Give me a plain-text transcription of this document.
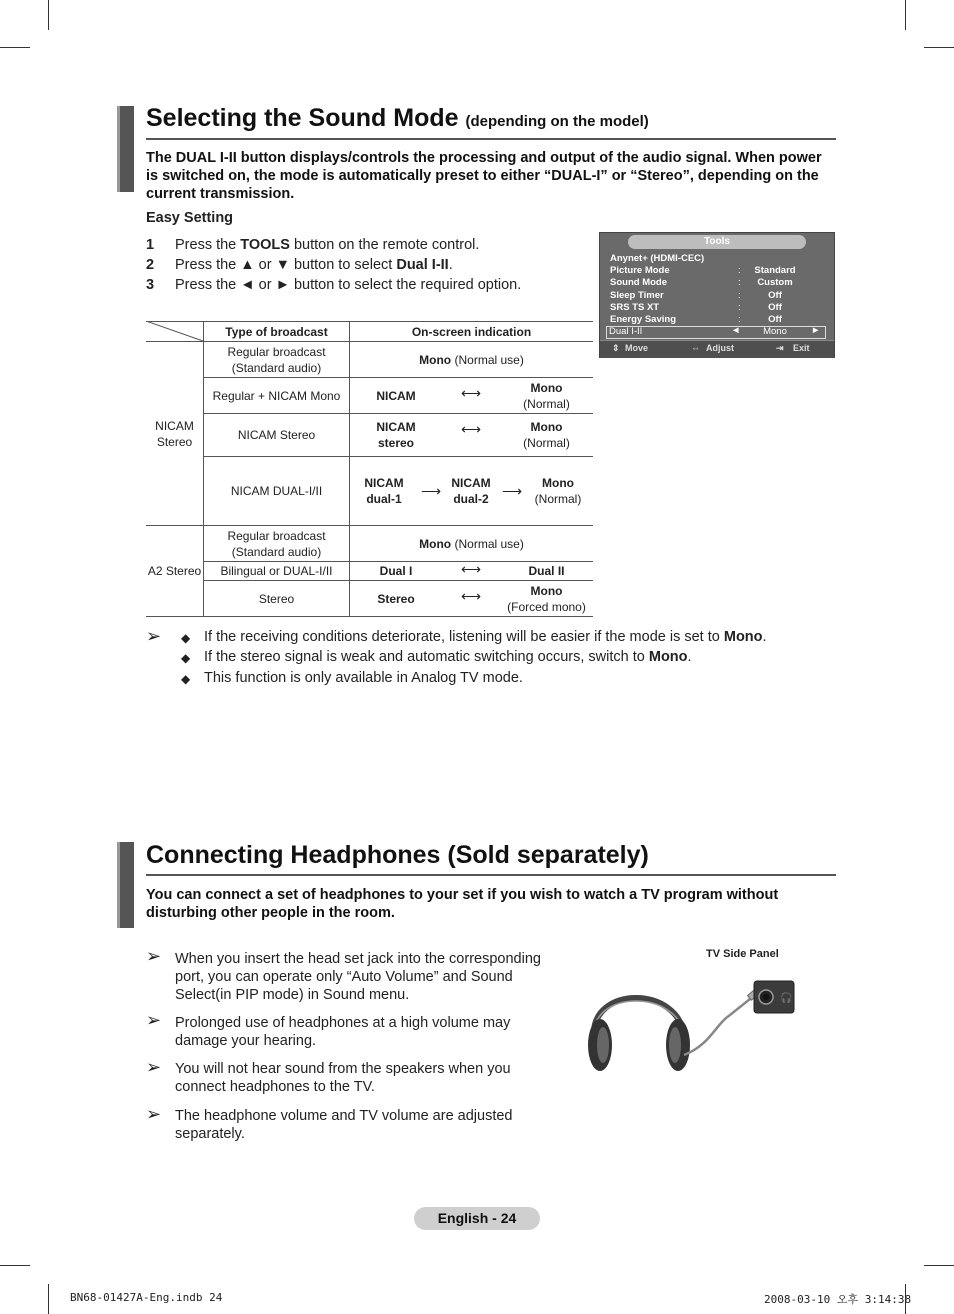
Selecting the Sound Mode (depending on the model)
The DUAL I-II button displays/controls the processing and output of the audio signal. When power is switched on, the mode is automatically preset to either “DUAL-I” or “Stereo”, depending on the current transmission.
Easy Setting
1 Press the TOOLS button on the remote control.
2 Press the ▲ or ▼ button to select Dual I-II.
3 Press the ◄ or ► button to select the required option.
Tools
Anynet+ (HDMI-CEC)
Picture Mode	:	Standard
Sound Mode	:	Custom
Sleep Timer	:	Off
SRS TS XT	:	Off
Energy Saving	:	Off
Dual I-II	◄	Mono	►
⇕ Move	⇔ Adjust	⇥ Exit
Type of broadcast	On-screen indication
NICAM Stereo
A2 Stereo
Regular broadcast (Standard audio)
Mono
(Normal use)
Regular + NICAM Mono	NICAM	⟷	Mono
(Normal)
NICAM Stereo
NICAM stereo
⟷	Mono
(Normal)
NICAM DUAL-I/II
NICAM dual-1	⟶ NICAM dual-2 ⟶ Mono
(Normal)
Regular broadcast (Standard audio)
Mono
(Normal use)
Bilingual or DUAL-I/II	Dual I	⟷	Dual II
Stereo	Stereo	⟷	Mono
(Forced mono)
➢ ◆ If the receiving conditions deteriorate, listening will be easier if the mode is set to Mono.
◆ If the stereo signal is weak and automatic switching occurs, switch to Mono.
◆ This function is only available in Analog TV mode.
Connecting Headphones (Sold separately)
You can connect a set of headphones to your set if you wish to watch a TV program without disturbing other people in the room.
➢ When you insert the head set jack into the corresponding port, you can operate only “Auto Volume” and Sound Select(in PIP mode) in Sound menu.
➢ Prolonged use of headphones at a high volume may damage your hearing.
➢ You will not hear sound from the speakers when you connect headphones to the TV.
➢ The headphone volume and TV volume are adjusted separately.
TV Side Panel
🎧
English - 24
BN68-01427A-Eng.indb 24	2008-03-10 오후 3:14:38
